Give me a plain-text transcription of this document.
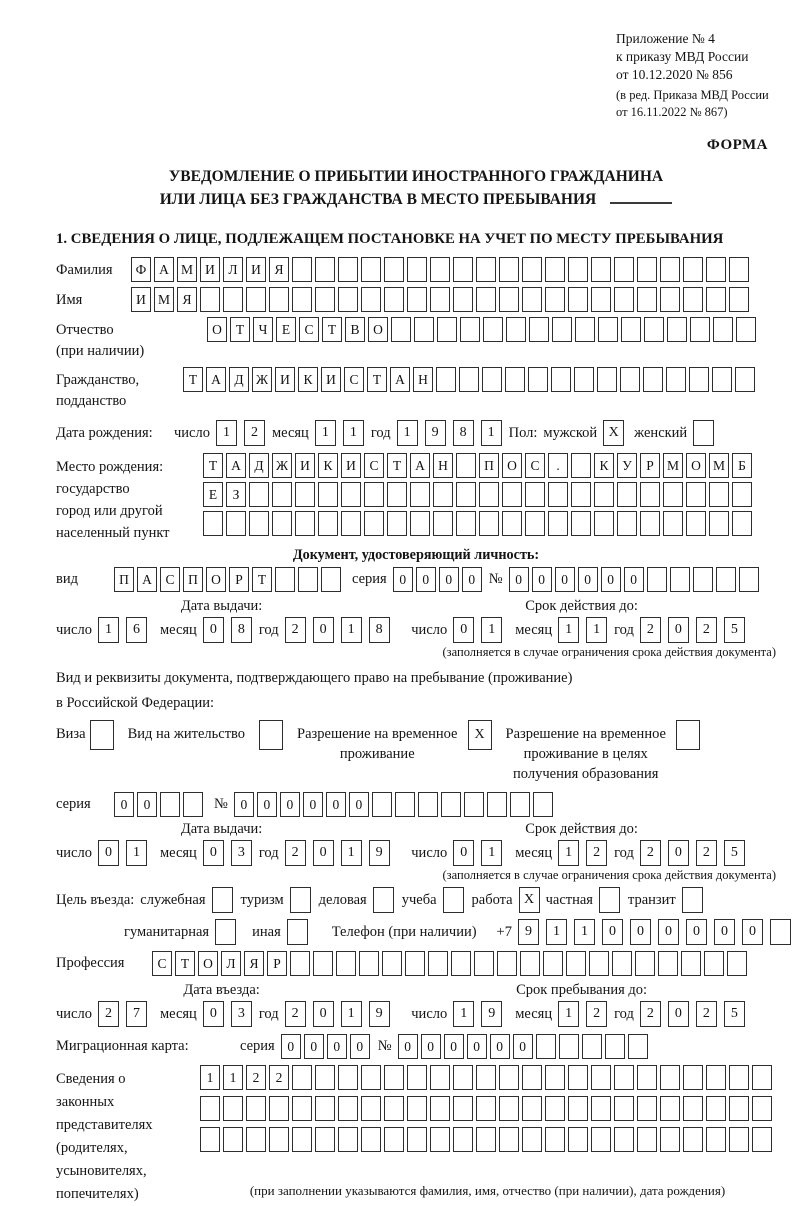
Приложение № 4
к приказу МВД России
от 10.12.2020 № 856
(в ред. Приказа МВД России
от 16.11.2022 № 867)
ФОРМА
УВЕДОМЛЕНИЕ О ПРИБЫТИИ ИНОСТРАННОГО ГРАЖДАНИНА
ИЛИ ЛИЦА БЕЗ ГРАЖДАНСТВА В МЕСТО ПРЕБЫВАНИЯ
1. СВЕДЕНИЯ О ЛИЦЕ, ПОДЛЕЖАЩЕМ ПОСТАНОВКЕ НА УЧЕТ ПО МЕСТУ ПРЕБЫВАНИЯ
Фамилия	Ф А М И	Л	И	Я
Имя	И М Я
Отчество
(при наличии)
О	Т	Ч	Е	С	Т	В	О
Гражданство,
подданство
Т	А	Д Ж И	К	И	С	Т	А Н
Дата рождения:	число 1	2 месяц 1	1 год 1	9	8	1 Пол: мужской X	женский
Место рождения:
государство
город или другой
населенный пункт
Т	А	Д Ж И	К	И	С	Т	А Н	П О	С	.	К	У	Р М О М Б

Е	З

Документ, удостоверяющий личность:
вид	П А	С	П О	Р	Т	серия 0	0	0	0 № 0	0	0	0	0	0
Дата выдачи:
число 1	6	месяц 0	8 год 2	0	1	8
Срок действия до:
число 0	1	месяц 1	1 год 2	0	2	5
(заполняется в случае ограничения срока действия документа)
Вид и реквизиты документа, подтверждающего право на пребывание (проживание)
в Российской Федерации:
Виза	Вид на жительство	Разрешение на временное
проживание
X	Разрешение на временное
проживание в целях
получения образования
серия	0	0	№ 0	0	0	0	0	0
Дата выдачи:
число 0	1	месяц 0	3 год 2	0	1	9
Срок действия до:
число 0	1	месяц 1	2 год 2	0	2	5
(заполняется в случае ограничения срока действия документа)
Цель въезда: служебная	туризм	деловая	учеба	работа X частная	транзит
гуманитарная	иная	Телефон (при наличии)	+7 9	1	1	0	0	0	0	0	0
Профессия	С	Т	О	Л	Я	Р
Дата въезда:
число 2	7	месяц 0	3 год 2	0	1	9
Срок пребывания до:
число 1	9	месяц 1	2 год 2	0	2	5
Миграционная карта:	серия 0	0	0	0	№ 0	0	0	0	0	0
Сведения о
законных
представителях
(родителях,
усыновителях,
попечителях)
1	1	2	2

(при заполнении указываются фамилия, имя, отчество (при наличии), дата рождения)
